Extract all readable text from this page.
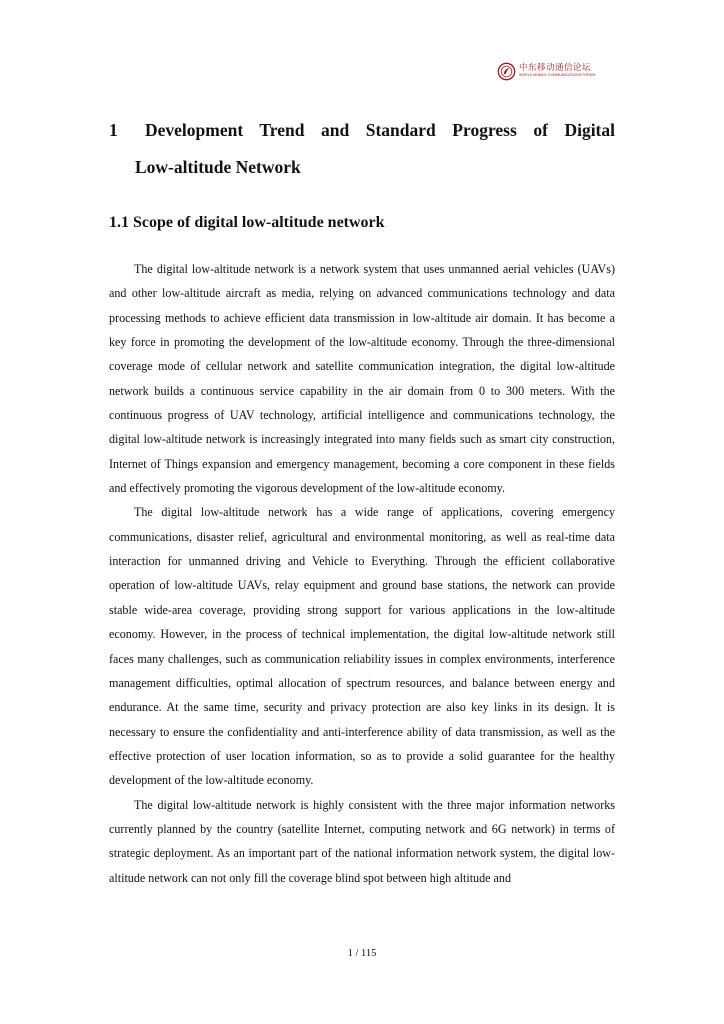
中东移动通信论坛
WORLD MOBILE COMMUNICATIONS FORUM
1	Development Trend and Standard Progress of Digital
Low-altitude Network
1.1 Scope of digital low-altitude network

The digital low-altitude network is a network system that uses unmanned aerial vehicles (UAVs) and other low-altitude aircraft as media, relying on advanced communications technology and data processing methods to achieve efficient data transmission in low-altitude air domain. It has become a key force in promoting the development of the low-altitude economy. Through the three-dimensional coverage mode of cellular network and satellite communication integration, the digital low-altitude network builds a continuous service capability in the air domain from 0 to 300 meters. With the continuous progress of UAV technology, artificial intelligence and communications technology, the digital low-altitude network is increasingly integrated into many fields such as smart city construction, Internet of Things expansion and emergency management, becoming a core component in these fields and effectively promoting the vigorous development of the low-altitude economy.

The digital low-altitude network has a wide range of applications, covering emergency communications, disaster relief, agricultural and environmental monitoring, as well as real-time data interaction for unmanned driving and Vehicle to Everything. Through the efficient collaborative operation of low-altitude UAVs, relay equipment and ground base stations, the network can provide stable wide-area coverage, providing strong support for various applications in the low-altitude economy. However, in the process of technical implementation, the digital low-altitude network still faces many challenges, such as communication reliability issues in complex environments, interference management difficulties, optimal allocation of spectrum resources, and balance between energy and endurance. At the same time, security and privacy protection are also key links in its design. It is necessary to ensure the confidentiality and anti-interference ability of data transmission, as well as the effective protection of user location information, so as to provide a solid guarantee for the healthy development of the low-altitude economy.

The digital low-altitude network is highly consistent with the three major information networks currently planned by the country (satellite Internet, computing network and 6G network) in terms of strategic deployment. As an important part of the national information network system, the digital low-altitude network can not only fill the coverage blind spot between high altitude and

1 / 115
